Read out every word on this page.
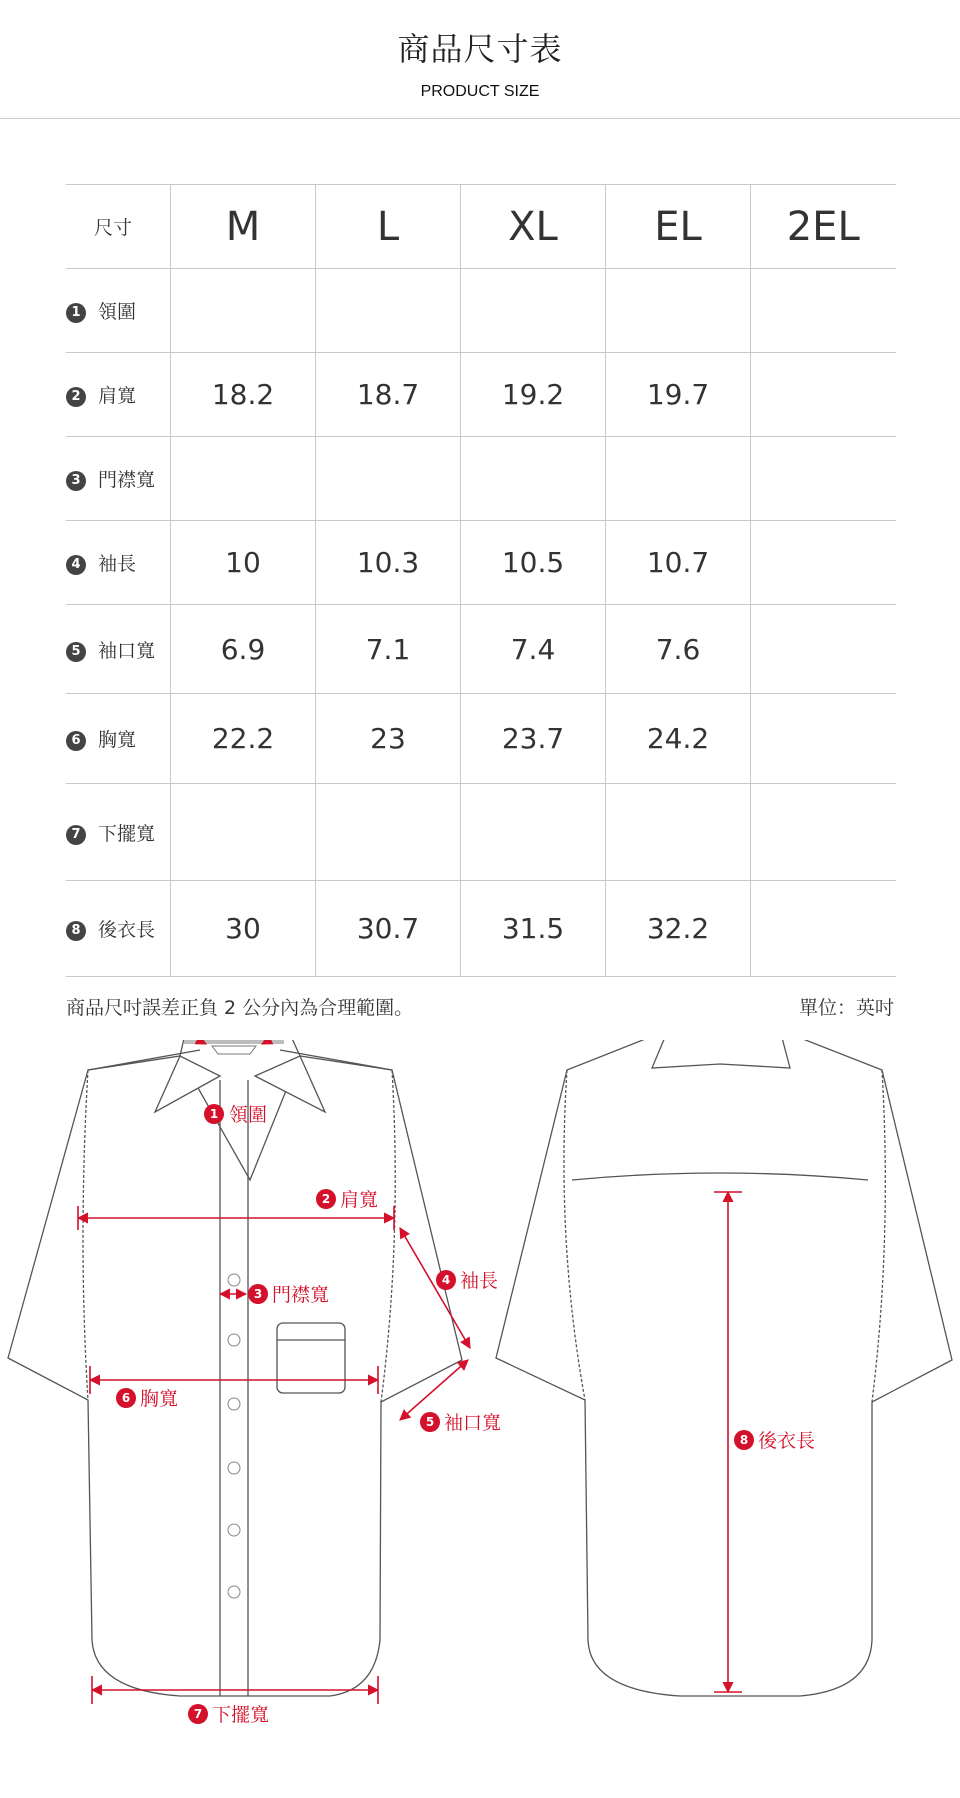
商品尺寸表
PRODUCT SIZE
尺寸	M	L	XL	EL	2EL
1 領圍					
2 肩寬	18.2	18.7	19.2	19.7	
3 門襟寬					
4 袖長	10	10.3	10.5	10.7	
5 袖口寬	6.9	7.1	7.4	7.6	
6 胸寬	22.2	23	23.7	24.2	
7 下擺寬					
8 後衣長	30	30.7	31.5	32.2	
商品尺吋誤差正負 2 公分內為合理範圍。	單位：英吋
1 領圍
2 肩寬
3 門襟寬
4 袖長
5 袖口寬
6 胸寬
7 下擺寬
8 後衣長
